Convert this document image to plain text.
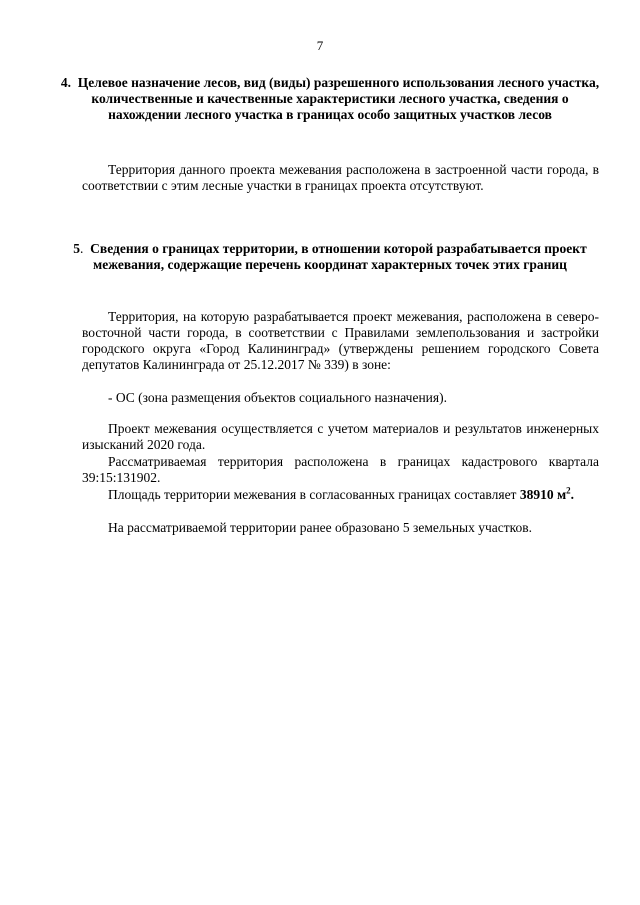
7
4. Целевое назначение лесов, вид (виды) разрешенного использования лесного участка, количественные и качественные характеристики лесного участка, сведения о нахождении лесного участка в границах особо защитных участков лесов

Территория данного проекта межевания расположена в застроенной части города, в соответствии с этим лесные участки в границах проекта отсутствуют.

5. Сведения о границах территории, в отношении которой разрабатывается проект межевания, содержащие перечень координат характерных точек этих границ

Территория, на которую разрабатывается проект межевания, расположена в северо-восточной части города, в соответствии с Правилами землепользования и застройки городского округа «Город Калининград» (утверждены решением городского Совета депутатов Калининграда от 25.12.2017 № 339) в зоне:

- ОС (зона размещения объектов социального назначения).

Проект межевания осуществляется с учетом материалов и результатов инженерных изысканий 2020 года.

Рассматриваемая территория расположена в границах кадастрового квартала 39:15:131902.

Площадь территории межевания в согласованных границах составляет 38910 $м^2$.

На рассматриваемой территории ранее образовано 5 земельных участков.
